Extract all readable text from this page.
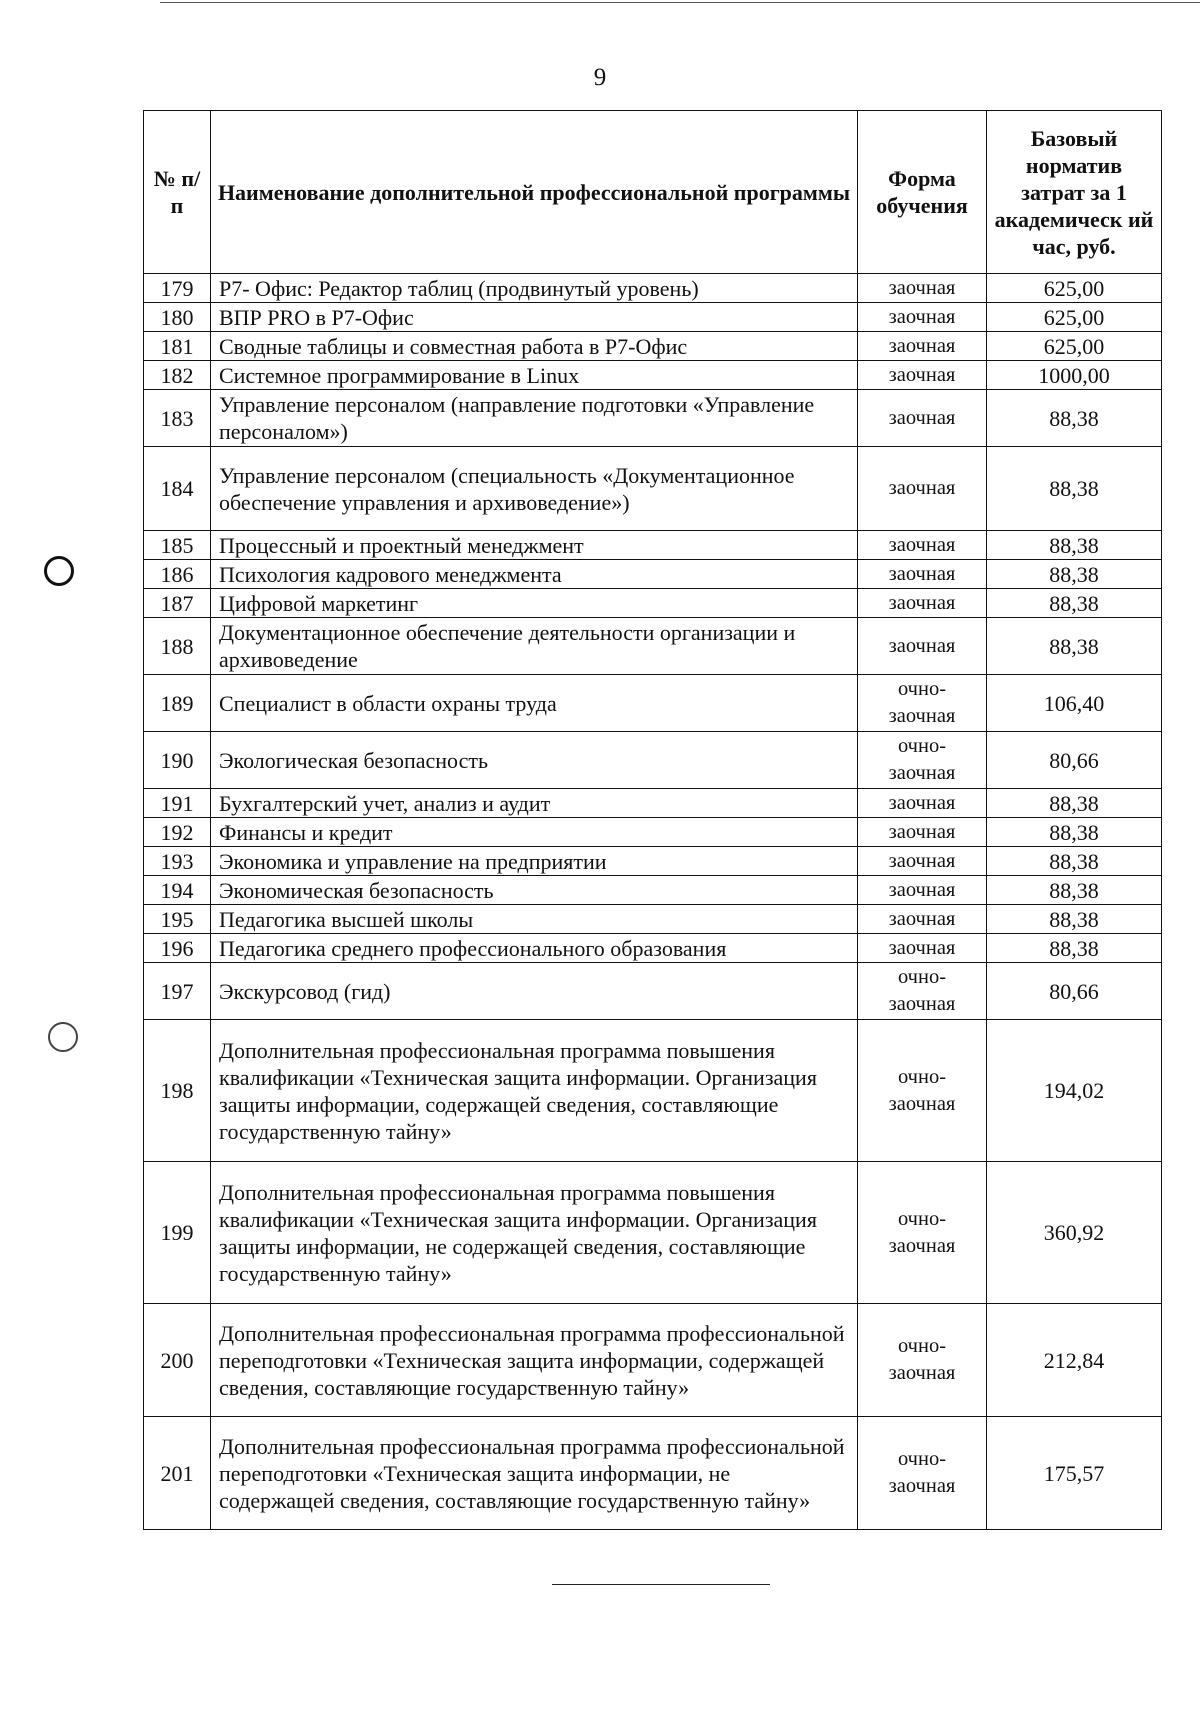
9
№ п/п	Наименование дополнительной профессиональной программы	Форма обучения	Базовый норматив затрат за 1 академическ ий час, руб.
179	Р7- Офис: Редактор таблиц (продвинутый уровень)	заочная	625,00
180	ВПР PRO в Р7-Офис	заочная	625,00
181	Сводные таблицы и совместная работа в Р7-Офис	заочная	625,00
182	Системное программирование в Linux	заочная	1000,00
183	Управление персоналом (направление подготовки «Управление персоналом»)	заочная	88,38
184	Управление персоналом (специальность «Документационное обеспечение управления и архивоведение»)	заочная	88,38
185	Процессный и проектный менеджмент	заочная	88,38
186	Психология кадрового менеджмента	заочная	88,38
187	Цифровой маркетинг	заочная	88,38
188	Документационное обеспечение деятельности организации и архивоведение	заочная	88,38
189	Специалист в области охраны труда	очно-заочная	106,40
190	Экологическая безопасность	очно-заочная	80,66
191	Бухгалтерский учет, анализ и аудит	заочная	88,38
192	Финансы и кредит	заочная	88,38
193	Экономика и управление на предприятии	заочная	88,38
194	Экономическая безопасность	заочная	88,38
195	Педагогика высшей школы	заочная	88,38
196	Педагогика среднего профессионального образования	заочная	88,38
197	Экскурсовод (гид)	очно-заочная	80,66
198	Дополнительная профессиональная программа повышения квалификации «Техническая защита информации. Организация защиты информации, содержащей сведения, составляющие государственную тайну»	очно-заочная	194,02
199	Дополнительная профессиональная программа повышения квалификации «Техническая защита информации. Организация защиты информации, не содержащей сведения, составляющие государственную тайну»	очно-заочная	360,92
200	Дополнительная профессиональная программа профессиональной переподготовки «Техническая защита информации, содержащей сведения, составляющие государственную тайну»	очно-заочная	212,84
201	Дополнительная профессиональная программа профессиональной переподготовки «Техническая защита информации, не содержащей сведения, составляющие государственную тайну»	очно-заочная	175,57
